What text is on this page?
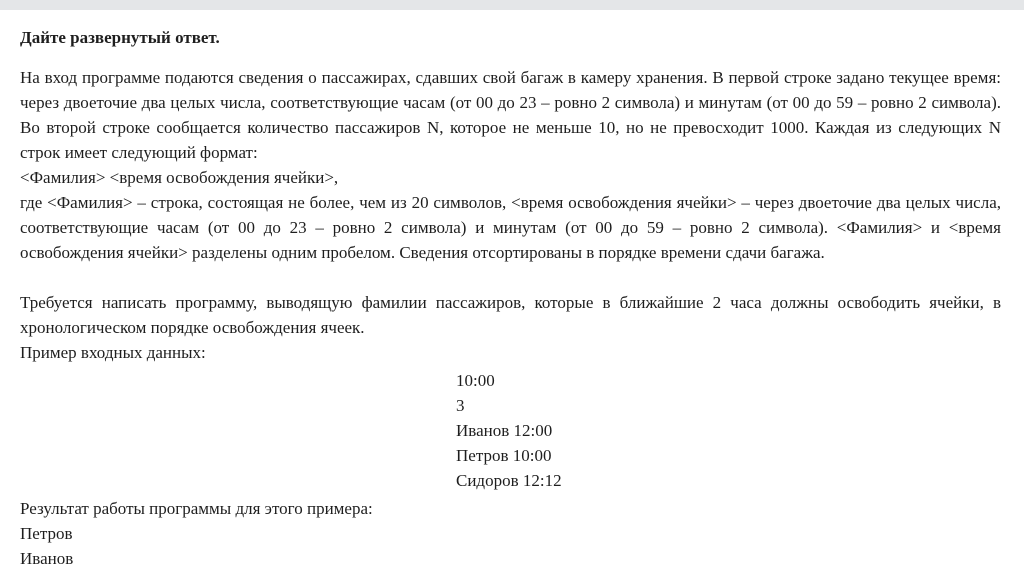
Дайте развернутый ответ.
На вход программе подаются сведения о пассажирах, сдавших свой багаж в камеру хранения. В первой строке задано текущее время: через двоеточие два целых числа, соответствующие часам (от 00 до 23 – ровно 2 символа) и минутам (от 00 до 59 – ровно 2 символа). Во второй строке сообщается количество пассажиров N, которое не меньше 10, но не превосходит 1000. Каждая из следующих N строк имеет следующий формат:
<Фамилия> <время освобождения ячейки>,
где <Фамилия> – строка, состоящая не более, чем из 20 символов, <время освобождения ячейки> – через двоеточие два целых числа, соответствующие часам (от 00 до 23 – ровно 2 символа) и минутам (от 00 до 59 – ровно 2 символа). <Фамилия> и <время освобождения ячейки> разделены одним пробелом. Сведения отсортированы в порядке времени сдачи багажа.
Требуется написать программу, выводящую фамилии пассажиров, которые в ближайшие 2 часа должны освободить ячейки, в хронологическом порядке освобождения ячеек.
Пример входных данных:
10:00
3
Иванов 12:00
Петров 10:00
Сидоров 12:12
Результат работы программы для этого примера:
Петров
Иванов
